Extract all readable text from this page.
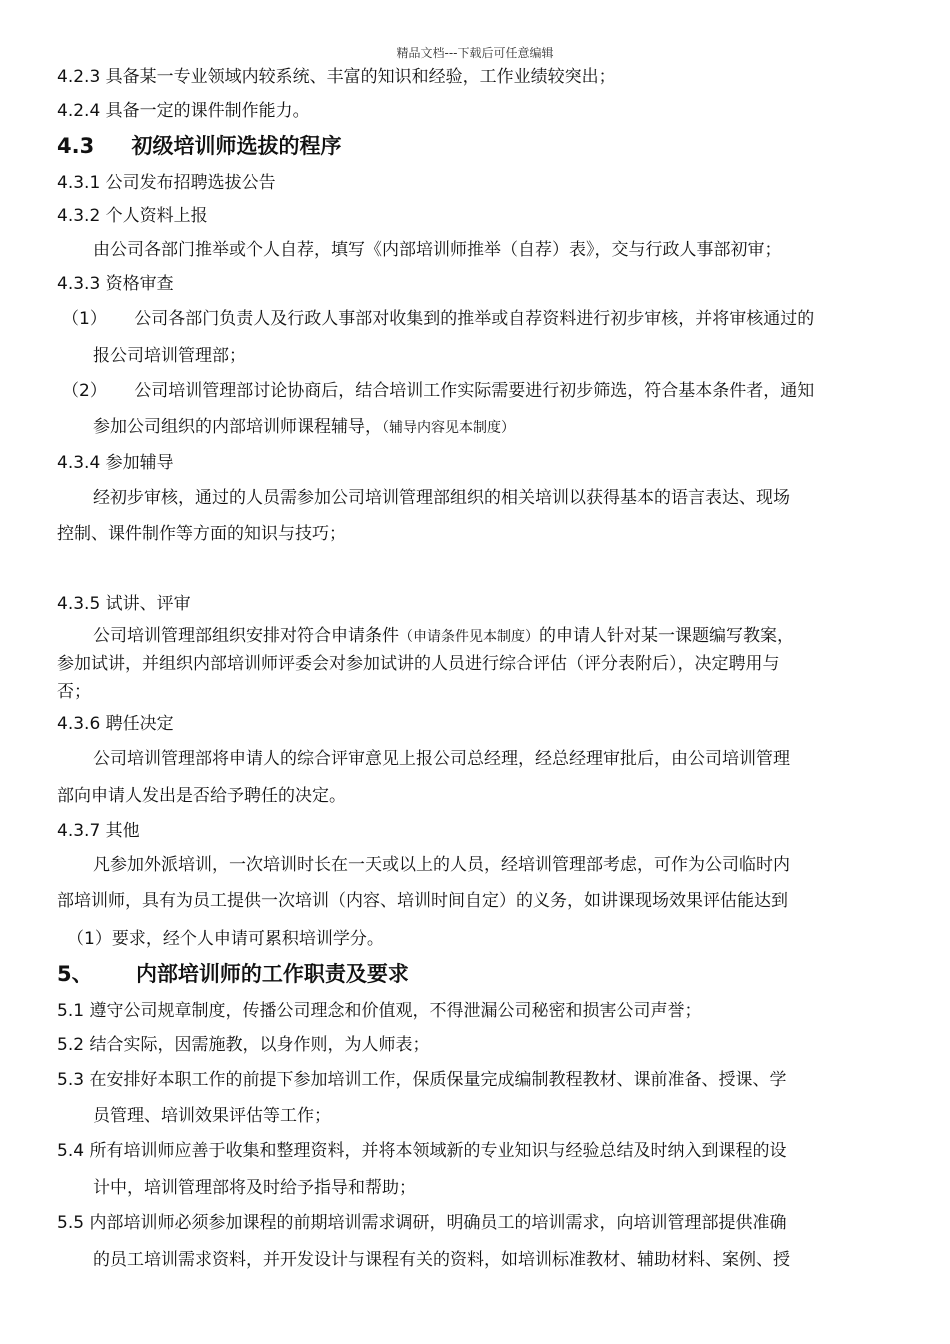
精品文档---下载后可任意编辑
4.2.3 具备某一专业领域内较系统、丰富的知识和经验，工作业绩较突出；
4.2.4 具备一定的课件制作能力。
4.3 初级培训师选拔的程序
4.3.1 公司发布招聘选拔公告
4.3.2 个人资料上报
由公司各部门推举或个人自荐，填写《内部培训师推举（自荐）表》，交与行政人事部初审；
4.3.3 资格审查
（1） 公司各部门负责人及行政人事部对收集到的推举或自荐资料进行初步审核，并将审核通过的
报公司培训管理部；
（2） 公司培训管理部讨论协商后，结合培训工作实际需要进行初步筛选，符合基本条件者，通知
参加公司组织的内部培训师课程辅导，（辅导内容见本制度）
4.3.4 参加辅导
经初步审核，通过的人员需参加公司培训管理部组织的相关培训以获得基本的语言表达、现场
控制、课件制作等方面的知识与技巧；
4.3.5 试讲、评审
公司培训管理部组织安排对符合申请条件（申请条件见本制度）的申请人针对某一课题编写教案，
参加试讲，并组织内部培训师评委会对参加试讲的人员进行综合评估（评分表附后），决定聘用与
否；
4.3.6 聘任决定
公司培训管理部将申请人的综合评审意见上报公司总经理，经总经理审批后，由公司培训管理
部向申请人发出是否给予聘任的决定。
4.3.7 其他
凡参加外派培训，一次培训时长在一天或以上的人员，经培训管理部考虑，可作为公司临时内
部培训师，具有为员工提供一次培训（内容、培训时间自定）的义务，如讲课现场效果评估能达到
（1）要求，经个人申请可累积培训学分。
5、 内部培训师的工作职责及要求
5.1 遵守公司规章制度，传播公司理念和价值观，不得泄漏公司秘密和损害公司声誉；
5.2 结合实际，因需施教，以身作则，为人师表；
5.3 在安排好本职工作的前提下参加培训工作，保质保量完成编制教程教材、课前准备、授课、学
员管理、培训效果评估等工作；
5.4 所有培训师应善于收集和整理资料，并将本领域新的专业知识与经验总结及时纳入到课程的设
计中，培训管理部将及时给予指导和帮助；
5.5 内部培训师必须参加课程的前期培训需求调研，明确员工的培训需求，向培训管理部提供准确
的员工培训需求资料，并开发设计与课程有关的资料，如培训标准教材、辅助材料、案例、授
